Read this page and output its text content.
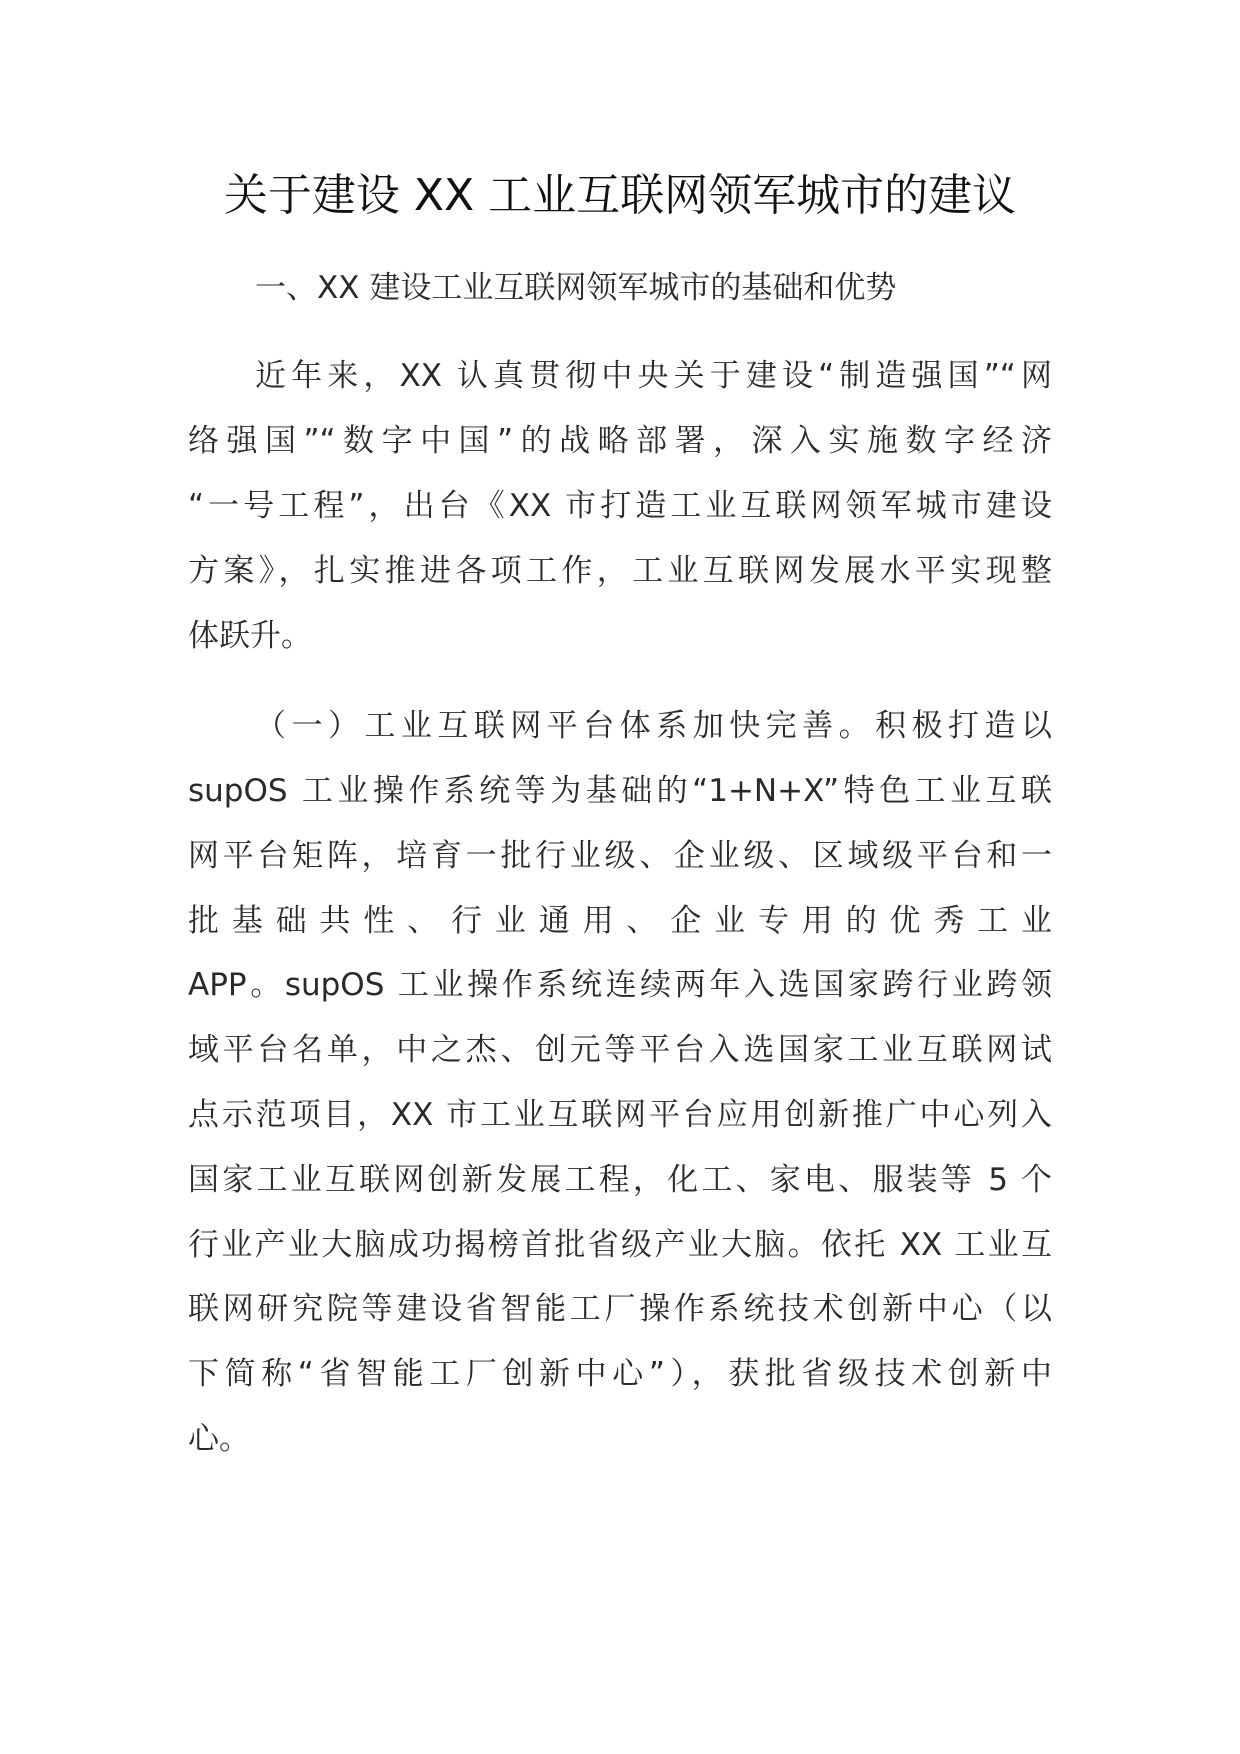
关于建设 XX 工业互联网领军城市的建议
一、XX 建设工业互联网领军城市的基础和优势
近年来，XX 认真贯彻中央关于建设“制造强国”“网
络强国”“数字中国”的战略部署，深入实施数字经济
“一号工程”，出台《XX 市打造工业互联网领军城市建设
方案》，扎实推进各项工作，工业互联网发展水平实现整
体跃升。
（一）工业互联网平台体系加快完善。积极打造以
supOS 工业操作系统等为基础的“1+N+X”特色工业互联
网平台矩阵，培育一批行业级、企业级、区域级平台和一
批基础共性、行业通用、企业专用的优秀工业
APP。supOS 工业操作系统连续两年入选国家跨行业跨领
域平台名单，中之杰、创元等平台入选国家工业互联网试
点示范项目，XX 市工业互联网平台应用创新推广中心列入
国家工业互联网创新发展工程，化工、家电、服装等 5 个
行业产业大脑成功揭榜首批省级产业大脑。依托 XX 工业互
联网研究院等建设省智能工厂操作系统技术创新中心（以
下简称“省智能工厂创新中心”），获批省级技术创新中
心。
